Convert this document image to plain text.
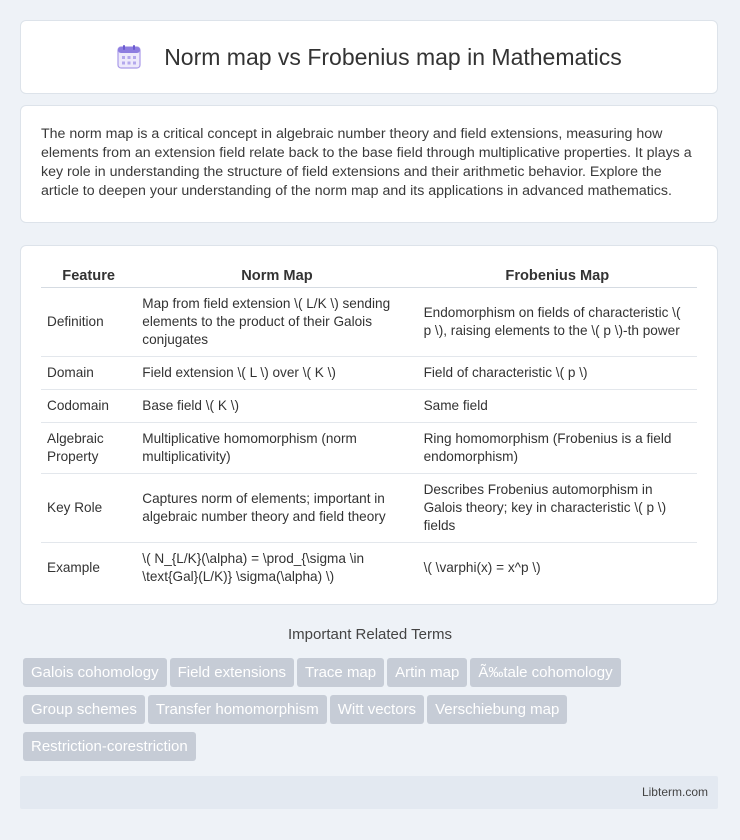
Norm map vs Frobenius map in Mathematics

The norm map is a critical concept in algebraic number theory and field extensions, measuring how elements from an extension field relate back to the base field through multiplicative properties. It plays a key role in understanding the structure of field extensions and their arithmetic behavior. Explore the article to deepen your understanding of the norm map and its applications in advanced mathematics.

Feature	Norm Map	Frobenius Map
Definition	Map from field extension \( L/K \) sending elements to the product of their Galois conjugates	Endomorphism on fields of characteristic \( p \), raising elements to the \( p \)-th power
Domain	Field extension \( L \) over \( K \)	Field of characteristic \( p \)
Codomain	Base field \( K \)	Same field
Algebraic Property	Multiplicative homomorphism (norm multiplicativity)	Ring homomorphism (Frobenius is a field endomorphism)
Key Role	Captures norm of elements; important in algebraic number theory and field theory	Describes Frobenius automorphism in Galois theory; key in characteristic \( p \) fields
Example	\( N_{L/K}(\alpha) = \prod_{\sigma \in \text{Gal}(L/K)} \sigma(\alpha) \)	\( \varphi(x) = x^p \)
Important Related Terms
Galois cohomology Field extensions Trace map Artin map Ã‰tale cohomology
Group schemes Transfer homomorphism Witt vectors Verschiebung map
Restriction-corestriction
Libterm.com
